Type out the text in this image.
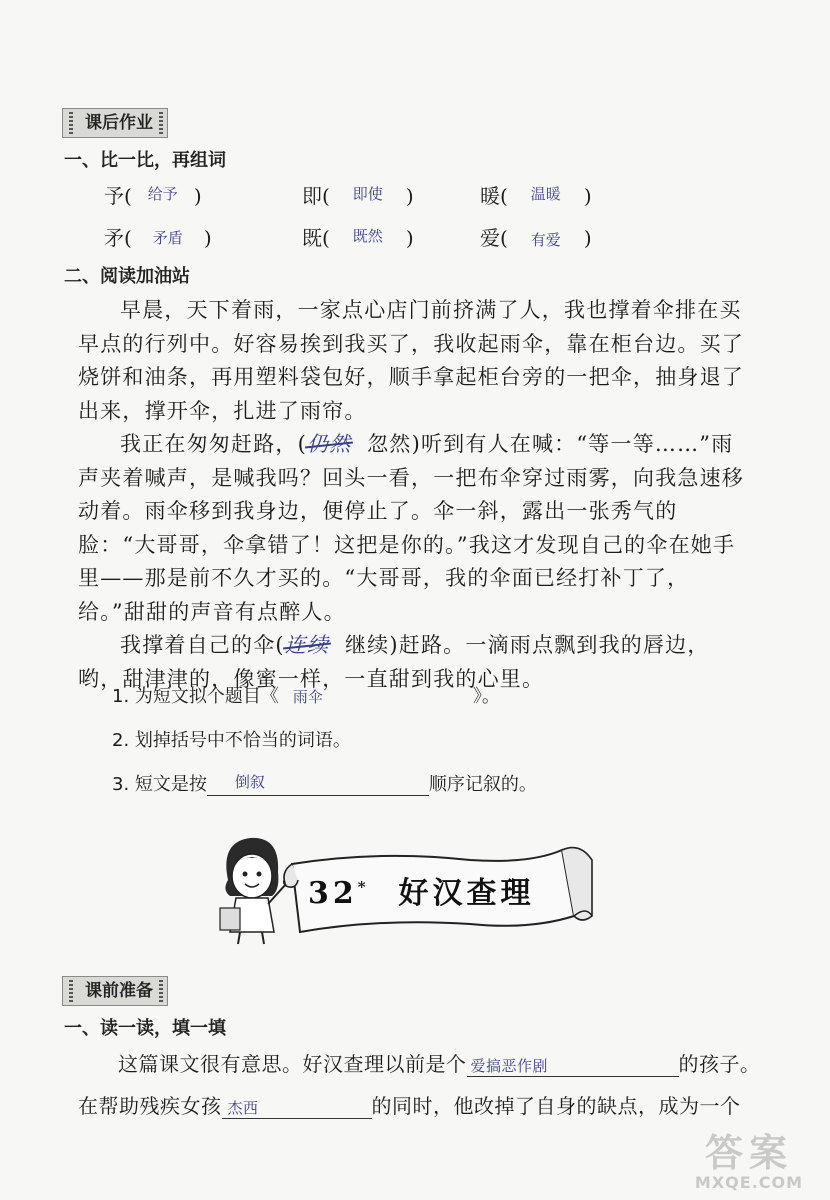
课后作业
一、比一比，再组词
予( 给予 )	即( 即使 )	暖( 温暖 )
矛( 矛盾 )	既( 既然 )	爱( 有爱 )
二、阅读加油站

早晨，天下着雨，一家点心店门前挤满了人，我也撑着伞排在买早点的行列中。好容易挨到我买了，我收起雨伞，靠在柜台边。买了烧饼和油条，再用塑料袋包好，顺手拿起柜台旁的一把伞，抽身退了出来，撑开伞，扎进了雨帘。

我正在匆匆赶路，(仍然 忽然)听到有人在喊：“等一等……”雨声夹着喊声，是喊我吗？回头一看，一把布伞穿过雨雾，向我急速移动着。雨伞移到我身边，便停止了。伞一斜，露出一张秀气的脸：“大哥哥，伞拿错了！这把是你的。”我这才发现自己的伞在她手里——那是前不久才买的。“大哥哥，我的伞面已经打补丁了，给。”甜甜的声音有点醉人。

我撑着自己的伞(连续 继续)赶路。一滴雨点飘到我的唇边，哟，甜津津的，像蜜一样，一直甜到我的心里。

1. 为短文拟个题目《 雨伞	》。
2. 划掉括号中不恰当的词语。
3. 短文是按 倒叙	顺序记叙的。
32* 好汉查理
课前准备
一、读一读，填一填
这篇课文很有意思。好汉查理以前是个 爱搞恶作剧	的孩子。
在帮助残疾女孩 杰西	的同时，他改掉了自身的缺点，成为一个
答案
MXQE.COM
